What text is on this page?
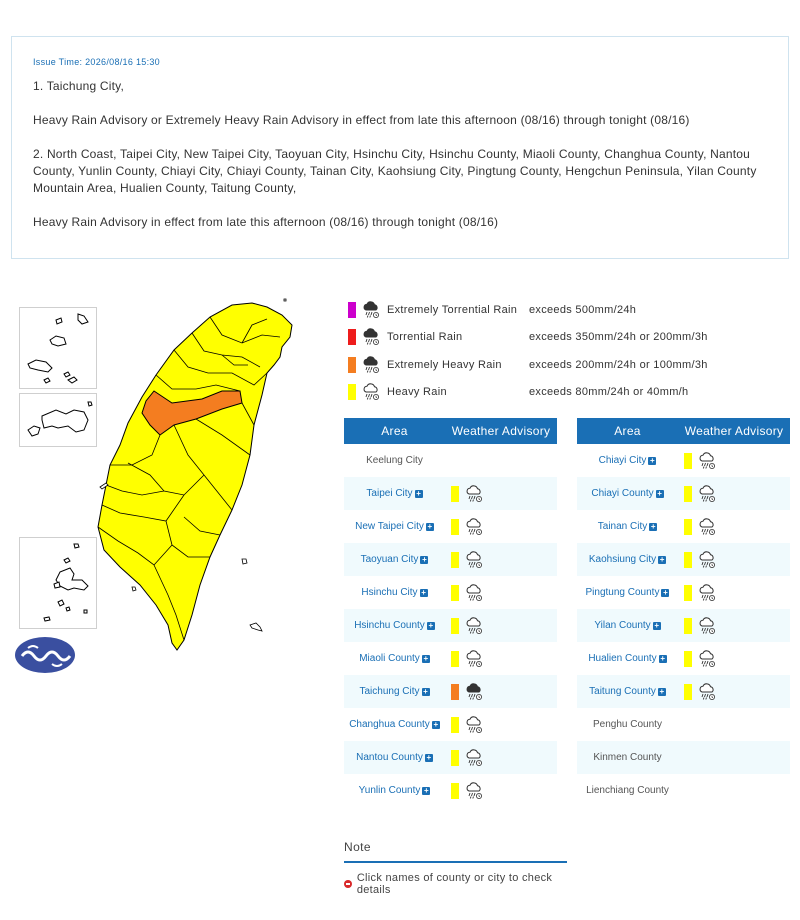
Issue Time: 2026/08/16 15:30

1. Taichung City,

Heavy Rain Advisory or Extremely Heavy Rain Advisory in effect from late this afternoon (08/16) through tonight (08/16)

2. North Coast, Taipei City, New Taipei City, Taoyuan City, Hsinchu City, Hsinchu County, Miaoli County, Changhua County, Nantou County, Yunlin County, Chiayi City, Chiayi County, Tainan City, Kaohsiung City, Pingtung County, Hengchun Peninsula, Yilan County Mountain Area, Hualien County, Taitung County,

Heavy Rain Advisory in effect from late this afternoon (08/16) through tonight (08/16)

Extremely Torrential Rain	exceeds 500mm/24h
Torrential Rain	exceeds 350mm/24h or 200mm/3h
Extremely Heavy Rain	exceeds 200mm/24h or 100mm/3h
Heavy Rain	exceeds 80mm/24h or 40mm/h
Area	Weather Advisory
Keelung City
Taipei City +
New Taipei City +
Taoyuan City +
Hsinchu City +
Hsinchu County +
Miaoli County +
Taichung City +
Changhua County +
Nantou County +
Yunlin County +
Area	Weather Advisory
Chiayi City +
Chiayi County +
Tainan City +
Kaohsiung City +
Pingtung County +
Yilan County +
Hualien County +
Taitung County +
Penghu County
Kinmen County
Lienchiang County
Note
Click names of county or city to check details
